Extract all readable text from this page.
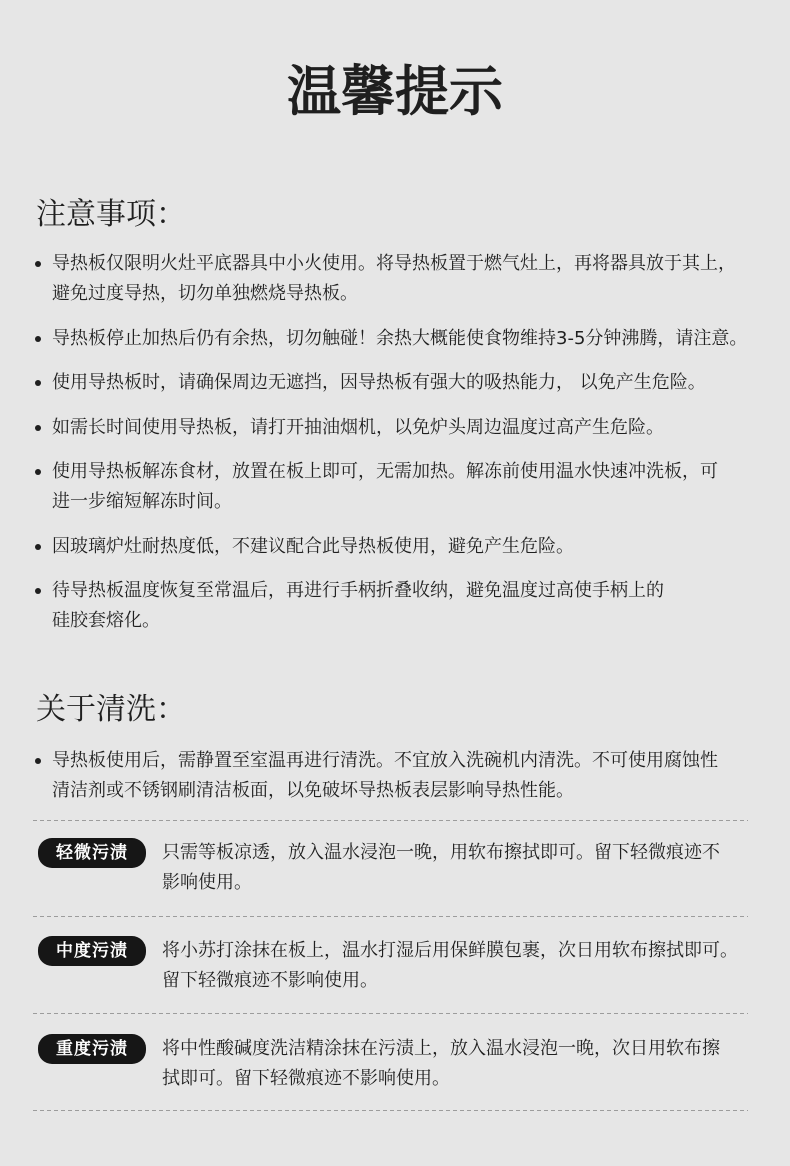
温馨提示
注意事项：
导热板仅限明火灶平底器具中小火使用。将导热板置于燃气灶上，再将器具放于其上，
避免过度导热，切勿单独燃烧导热板。
导热板停止加热后仍有余热，切勿触碰！余热大概能使食物维持3-5分钟沸腾，请注意。
使用导热板时，请确保周边无遮挡，因导热板有强大的吸热能力， 以免产生危险。
如需长时间使用导热板，请打开抽油烟机，以免炉头周边温度过高产生危险。
使用导热板解冻食材，放置在板上即可，无需加热。解冻前使用温水快速冲洗板，可
进一步缩短解冻时间。
因玻璃炉灶耐热度低，不建议配合此导热板使用，避免产生危险。
待导热板温度恢复至常温后，再进行手柄折叠收纳，避免温度过高使手柄上的
硅胶套熔化。
关于清洗：
导热板使用后，需静置至室温再进行清洗。不宜放入洗碗机内清洗。不可使用腐蚀性
清洁剂或不锈钢刷清洁板面，以免破坏导热板表层影响导热性能。
轻微污渍	只需等板凉透，放入温水浸泡一晚，用软布擦拭即可。留下轻微痕迹不
影响使用。
中度污渍	将小苏打涂抹在板上，温水打湿后用保鲜膜包裹，次日用软布擦拭即可。
留下轻微痕迹不影响使用。
重度污渍	将中性酸碱度洗洁精涂抹在污渍上，放入温水浸泡一晚，次日用软布擦
拭即可。留下轻微痕迹不影响使用。
